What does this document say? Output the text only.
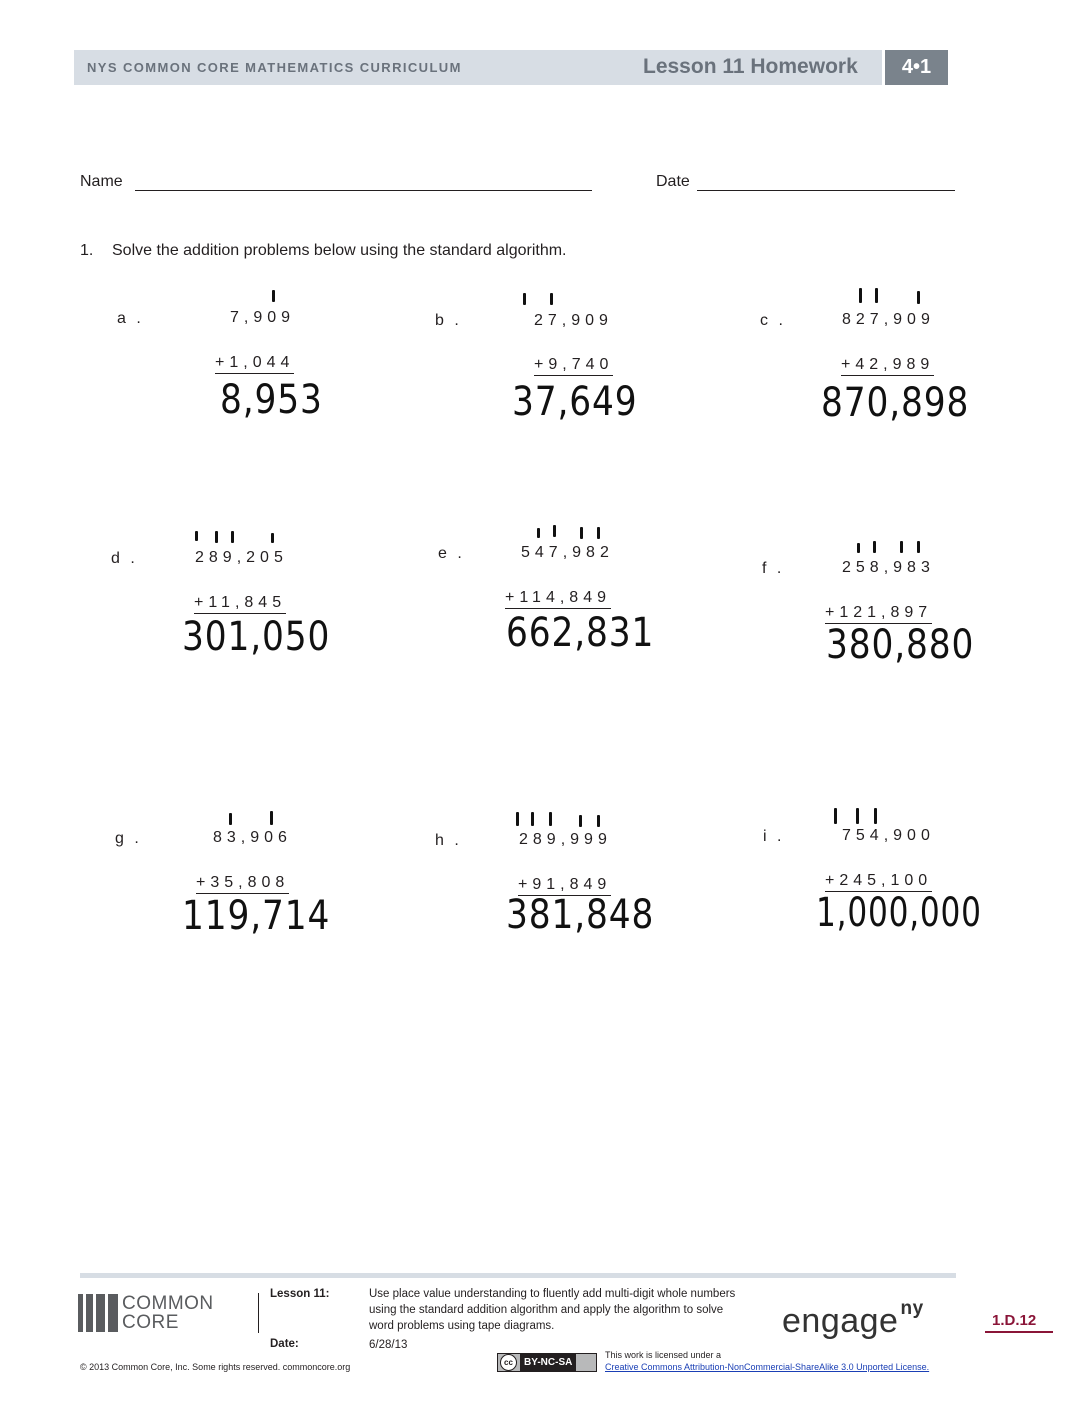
NYS COMMON CORE MATHEMATICS CURRICULUM	Lesson 11 Homework	4•1
Name	Date
1. Solve the addition problems below using the standard algorithm.
a .	7,909
+1,044
8,953
b .	27,909
+9,740
37,649
c .	827,909
+42,989
870,898
d .	289,205
+11,845
301,050
e .	547,982
+114,849
662,831
f .	258,983
+121,897
380,880
g .	83,906
+35,808
119,714
h .	289,999
+91,849
381,848
i .	754,900
+245,100
1,000,000
COMMON
CORE
Lesson 11:	Use place value understanding to fluently add multi-digit whole numbers using the standard addition algorithm and apply the algorithm to solve word problems using tape diagrams.
Date:	6/28/13
engage $^{ny}$
1.D.12
© 2013 Common Core, Inc. Some rights reserved. commoncore.org	cc BY-NC-SA
This work is licensed under a
Creative Commons Attribution-NonCommercial-ShareAlike 3.0 Unported License.
